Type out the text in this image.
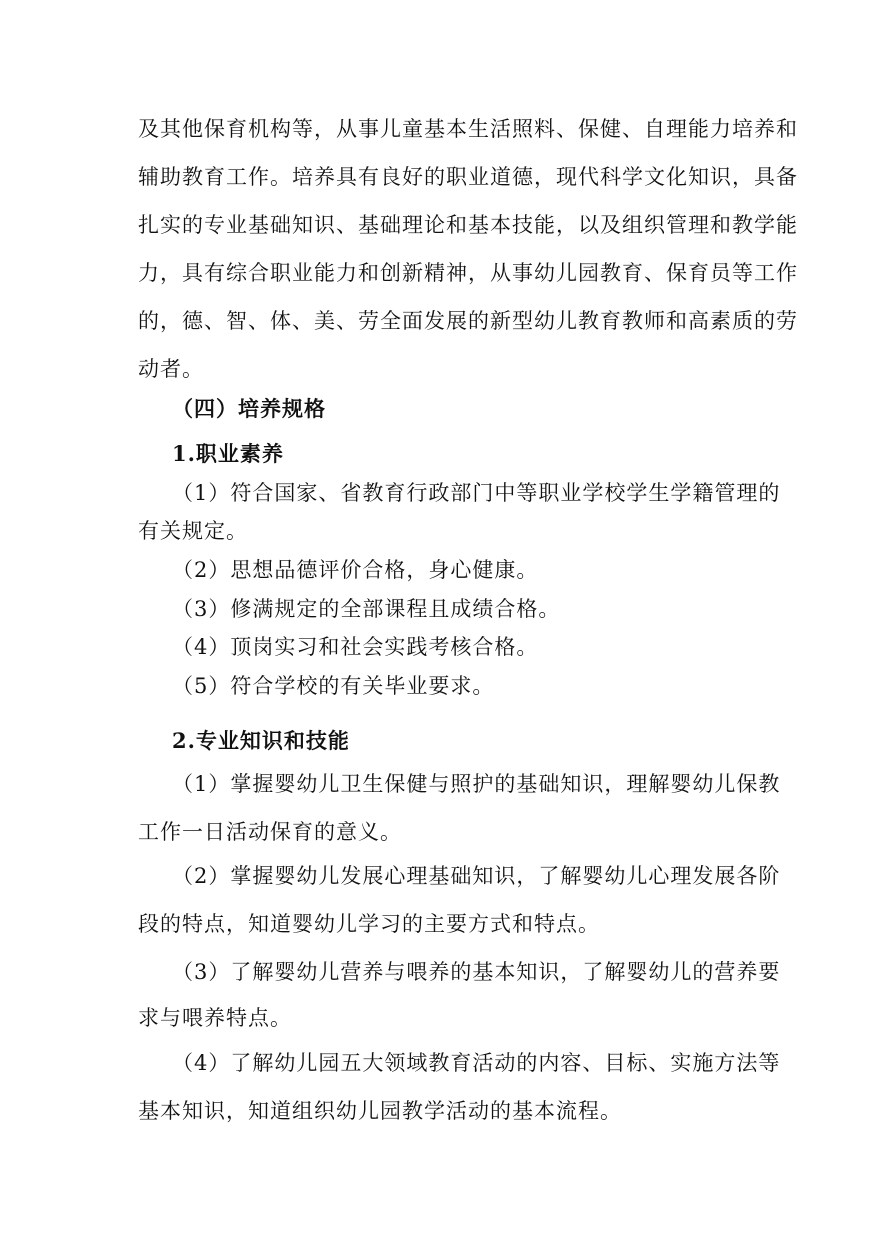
及其他保育机构等，从事儿童基本生活照料、保健、自理能力培养和
辅助教育工作。培养具有良好的职业道德，现代科学文化知识，具备
扎实的专业基础知识、基础理论和基本技能，以及组织管理和教学能
力，具有综合职业能力和创新精神，从事幼儿园教育、保育员等工作
的，德、智、体、美、劳全面发展的新型幼儿教育教师和高素质的劳
动者。
（四）培养规格
1.职业素养
（1）符合国家、省教育行政部门中等职业学校学生学籍管理的
有关规定。
（2）思想品德评价合格，身心健康。
（3）修满规定的全部课程且成绩合格。
（4）顶岗实习和社会实践考核合格。
（5）符合学校的有关毕业要求。
2.专业知识和技能
（1）掌握婴幼儿卫生保健与照护的基础知识，理解婴幼儿保教
工作一日活动保育的意义。
（2）掌握婴幼儿发展心理基础知识，了解婴幼儿心理发展各阶
段的特点，知道婴幼儿学习的主要方式和特点。
（3）了解婴幼儿营养与喂养的基本知识，了解婴幼儿的营养要
求与喂养特点。
（4）了解幼儿园五大领域教育活动的内容、目标、实施方法等
基本知识，知道组织幼儿园教学活动的基本流程。
